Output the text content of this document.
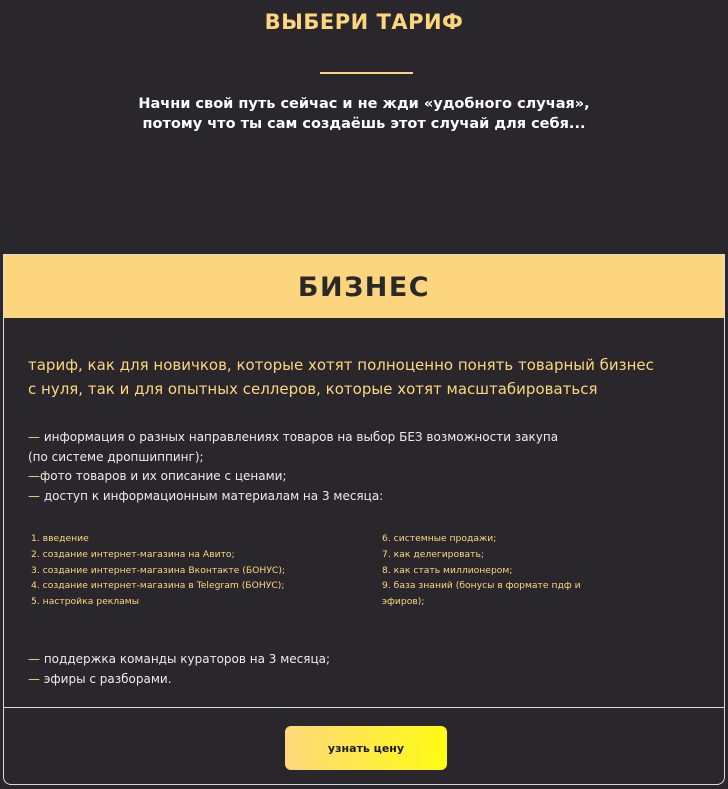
ВЫБЕРИ ТАРИФ
Начни свой путь сейчас и не жди «удобного случая»,
потому что ты сам создаёшь этот случай для себя...
БИЗНЕС
тариф, как для новичков, которые хотят полноценно понять товарный бизнес
с нуля, так и для опытных селлеров, которые хотят масштабироваться
— информация о разных направлениях товаров на выбор БЕЗ возможности закупа
(по системе дропшиппинг);
—фото товаров и их описание с ценами;
— доступ к информационным материалам на 3 месяца:
1. введение
2. создание интернет-магазина на Авито;
3. создание интернет-магазина Вконтакте (БОНУС);
4. создание интернет-магазина в Telegram (БОНУС);
5. настройка рекламы
6. системные продажи;
7. как делегировать;
8. как стать миллионером;
9. база знаний (бонусы в формате пдф и
эфиров);
— поддержка команды кураторов на 3 месяца;
— эфиры с разборами.
узнать цену
